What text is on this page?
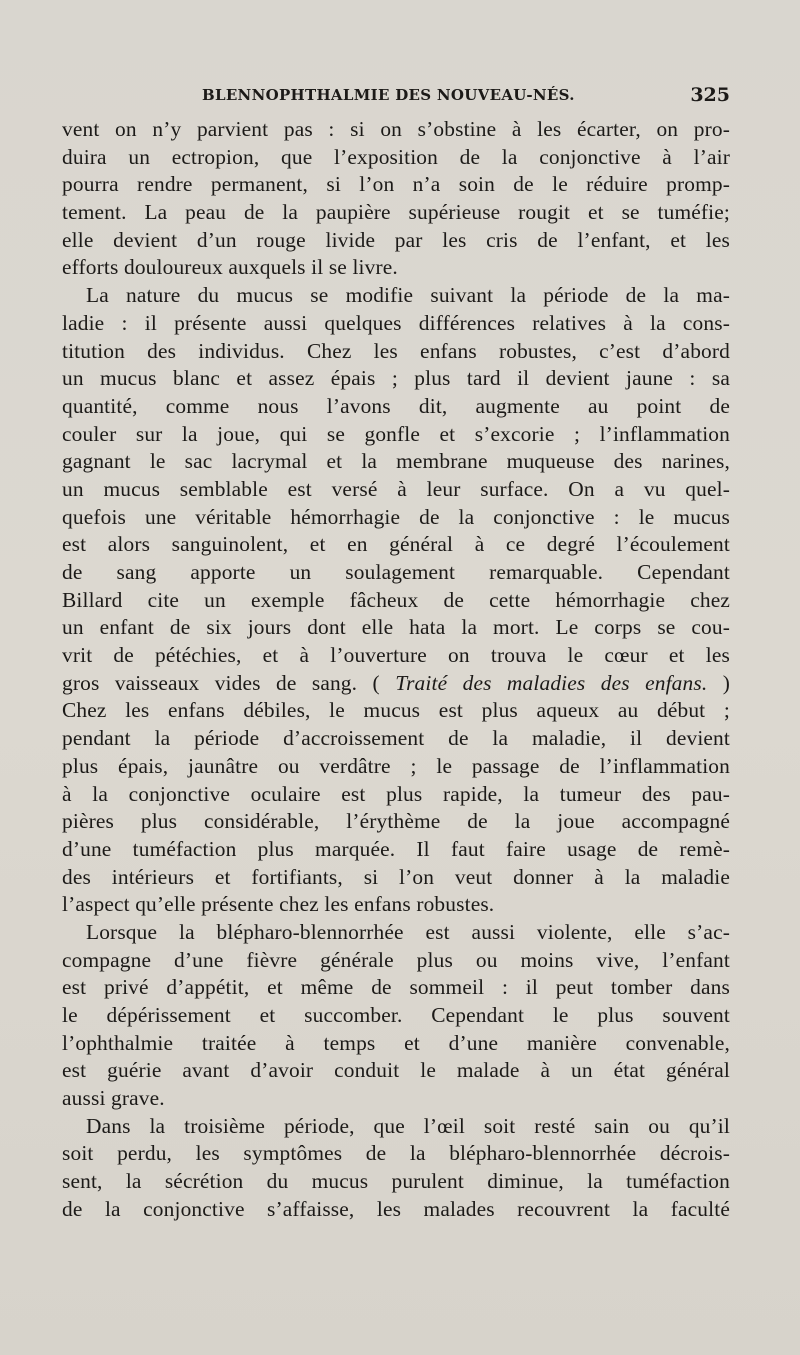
BLENNOPHTHALMIE DES NOUVEAU-NÉS.	325
vent on n’y parvient pas : si on s’obstine à les écarter, on pro-
duira un ectropion, que l’exposition de la conjonctive à l’air
pourra rendre permanent, si l’on n’a soin de le réduire promp-
tement. La peau de la paupière supérieuse rougit et se tuméfie;
elle devient d’un rouge livide par les cris de l’enfant, et les
efforts douloureux auxquels il se livre.
La nature du mucus se modifie suivant la période de la ma-
ladie : il présente aussi quelques différences relatives à la cons-
titution des individus. Chez les enfans robustes, c’est d’abord
un mucus blanc et assez épais ; plus tard il devient jaune : sa
quantité, comme nous l’avons dit, augmente au point de
couler sur la joue, qui se gonfle et s’excorie ; l’inflammation
gagnant le sac lacrymal et la membrane muqueuse des narines,
un mucus semblable est versé à leur surface. On a vu quel-
quefois une véritable hémorrhagie de la conjonctive : le mucus
est alors sanguinolent, et en général à ce degré l’écoulement
de sang apporte un soulagement remarquable. Cependant
Billard cite un exemple fâcheux de cette hémorrhagie chez
un enfant de six jours dont elle hata la mort. Le corps se cou-
vrit de pétéchies, et à l’ouverture on trouva le cœur et les
gros vaisseaux vides de sang. ( Traité des maladies des enfans. )
Chez les enfans débiles, le mucus est plus aqueux au début ;
pendant la période d’accroissement de la maladie, il devient
plus épais, jaunâtre ou verdâtre ; le passage de l’inflammation
à la conjonctive oculaire est plus rapide, la tumeur des pau-
pières plus considérable, l’érythème de la joue accompagné
d’une tuméfaction plus marquée. Il faut faire usage de remè-
des intérieurs et fortifiants, si l’on veut donner à la maladie
l’aspect qu’elle présente chez les enfans robustes.
Lorsque la blépharo-blennorrhée est aussi violente, elle s’ac-
compagne d’une fièvre générale plus ou moins vive, l’enfant
est privé d’appétit, et même de sommeil : il peut tomber dans
le dépérissement et succomber. Cependant le plus souvent
l’ophthalmie traitée à temps et d’une manière convenable,
est guérie avant d’avoir conduit le malade à un état général
aussi grave.
Dans la troisième période, que l’œil soit resté sain ou qu’il
soit perdu, les symptômes de la blépharo-blennorrhée décrois-
sent, la sécrétion du mucus purulent diminue, la tuméfaction
de la conjonctive s’affaisse, les malades recouvrent la faculté
